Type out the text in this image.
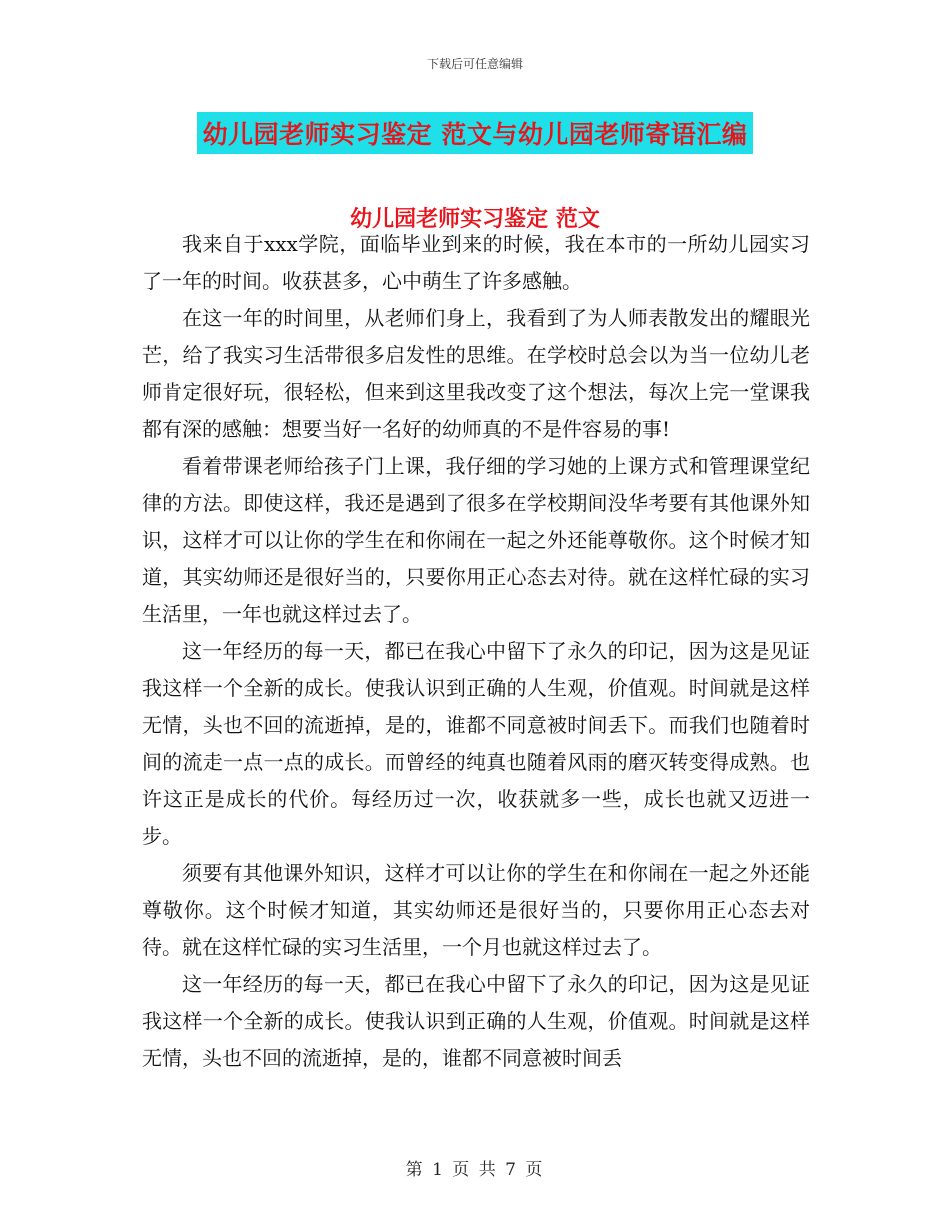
下载后可任意编辑
幼儿园老师实习鉴定 范文与幼儿园老师寄语汇编
幼儿园老师实习鉴定 范文

我来自于xxx学院，面临毕业到来的时候，我在本市的一所幼儿园实习了一年的时间。收获甚多，心中萌生了许多感触。

在这一年的时间里，从老师们身上，我看到了为人师表散发出的耀眼光芒，给了我实习生活带很多启发性的思维。在学校时总会以为当一位幼儿老师肯定很好玩，很轻松，但来到这里我改变了这个想法，每次上完一堂课我都有深的感触：想要当好一名好的幼师真的不是件容易的事!

看着带课老师给孩子门上课，我仔细的学习她的上课方式和管理课堂纪律的方法。即使这样，我还是遇到了很多在学校期间没华考要有其他课外知识，这样才可以让你的学生在和你闹在一起之外还能尊敬你。这个时候才知道，其实幼师还是很好当的，只要你用正心态去对待。就在这样忙碌的实习生活里，一年也就这样过去了。

这一年经历的每一天，都已在我心中留下了永久的印记，因为这是见证我这样一个全新的成长。使我认识到正确的人生观，价值观。时间就是这样无情，头也不回的流逝掉，是的，谁都不同意被时间丢下。而我们也随着时间的流走一点一点的成长。而曾经的纯真也随着风雨的磨灭转变得成熟。也许这正是成长的代价。每经历过一次，收获就多一些，成长也就又迈进一步。

须要有其他课外知识，这样才可以让你的学生在和你闹在一起之外还能尊敬你。这个时候才知道，其实幼师还是很好当的，只要你用正心态去对待。就在这样忙碌的实习生活里，一个月也就这样过去了。

这一年经历的每一天，都已在我心中留下了永久的印记，因为这是见证我这样一个全新的成长。使我认识到正确的人生观，价值观。时间就是这样无情，头也不回的流逝掉，是的，谁都不同意被时间丢

第 1 页 共 7 页
